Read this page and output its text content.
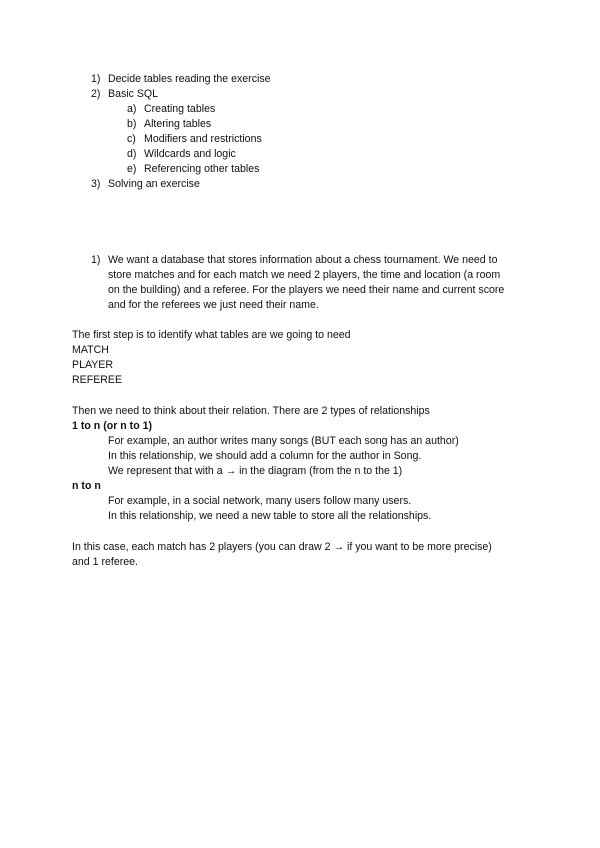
1) Decide tables reading the exercise
2) Basic SQL
a) Creating tables
b) Altering tables
c) Modifiers and restrictions
d) Wildcards and logic
e) Referencing other tables
3) Solving an exercise
1) We want a database that stores information about a chess tournament. We need to
store matches and for each match we need 2 players, the time and location (a room
on the building) and a referee. For the players we need their name and current score
and for the referees we just need their name.
The first step is to identify what tables are we going to need
MATCH
PLAYER
REFEREE
Then we need to think about their relation. There are 2 types of relationships
1 to n (or n to 1)
For example, an author writes many songs (BUT each song has an author)
In this relationship, we should add a column for the author in Song.
We represent that with a → in the diagram (from the n to the 1)
n to n
For example, in a social network, many users follow many users.
In this relationship, we need a new table to store all the relationships.
In this case, each match has 2 players (you can draw 2 → if you want to be more precise)
and 1 referee.
